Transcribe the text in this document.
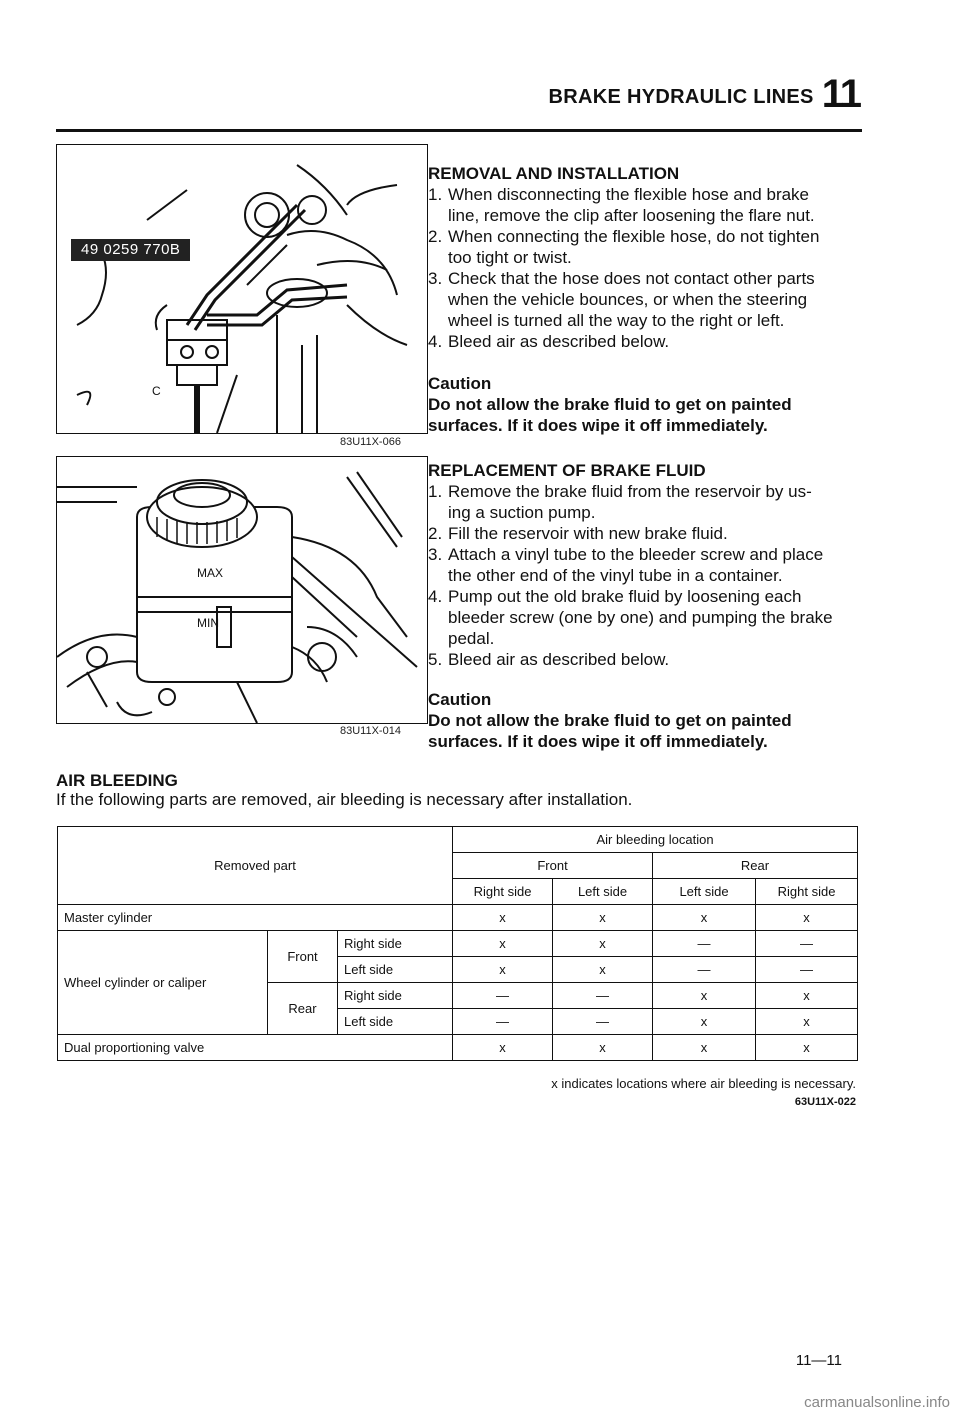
BRAKE HYDRAULIC LINES 11
C
49 0259 770B
83U11X-066
MAX
MIN
83U11X-014
REMOVAL AND INSTALLATION
1. When disconnecting the flexible hose and brake
line, remove the clip after loosening the flare nut.
2. When connecting the flexible hose, do not tighten
too tight or twist.
3. Check that the hose does not contact other parts
when the vehicle bounces, or when the steering
wheel is turned all the way to the right or left.
4. Bleed air as described below.
Caution
Do not allow the brake fluid to get on painted
surfaces. If it does wipe it off immediately.
REPLACEMENT OF BRAKE FLUID
1. Remove the brake fluid from the reservoir by us-
ing a suction pump.
2. Fill the reservoir with new brake fluid.
3. Attach a vinyl tube to the bleeder screw and place
the other end of the vinyl tube in a container.
4. Pump out the old brake fluid by loosening each
bleeder screw (one by one) and pumping the brake
pedal.
5. Bleed air as described below.
Caution
Do not allow the brake fluid to get on painted
surfaces. If it does wipe it off immediately.
AIR BLEEDING
If the following parts are removed, air bleeding is necessary after installation.
Removed part			Air bleeding location			
			Front		Rear	
			Right side	Left side	Left side	Right side
Master cylinder			x	x	x	x
Wheel cylinder or caliper	Front	Right side	x	x	—	—
		Left side	x	x	—	—
	Rear	Right side	—	—	x	x
		Left side	—	—	x	x
Dual proportioning valve			x	x	x	x
x indicates locations where air bleeding is necessary.
63U11X-022
11—11
carmanualsonline.info
